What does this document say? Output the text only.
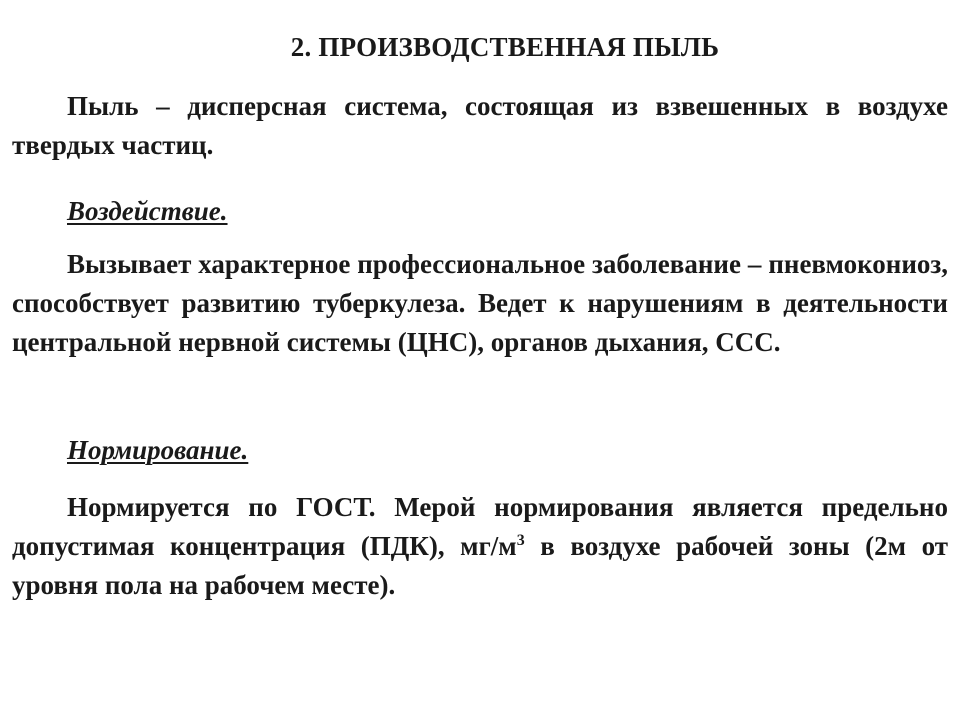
2. ПРОИЗВОДСТВЕННАЯ ПЫЛЬ

Пыль – дисперсная система, состоящая из взвешенных в воздухе твердых частиц.

Воздействие.

Вызывает характерное профессиональное заболевание – пневмокониоз, способствует развитию туберкулеза. Ведет к нарушениям в деятельности центральной нервной системы (ЦНС), органов дыхания, ССС.

Нормирование.

Нормируется по ГОСТ. Мерой нормирования является предельно допустимая концентрация (ПДК), $мг/м^3$ в воздухе рабочей зоны (2м от уровня пола на рабочем месте).
